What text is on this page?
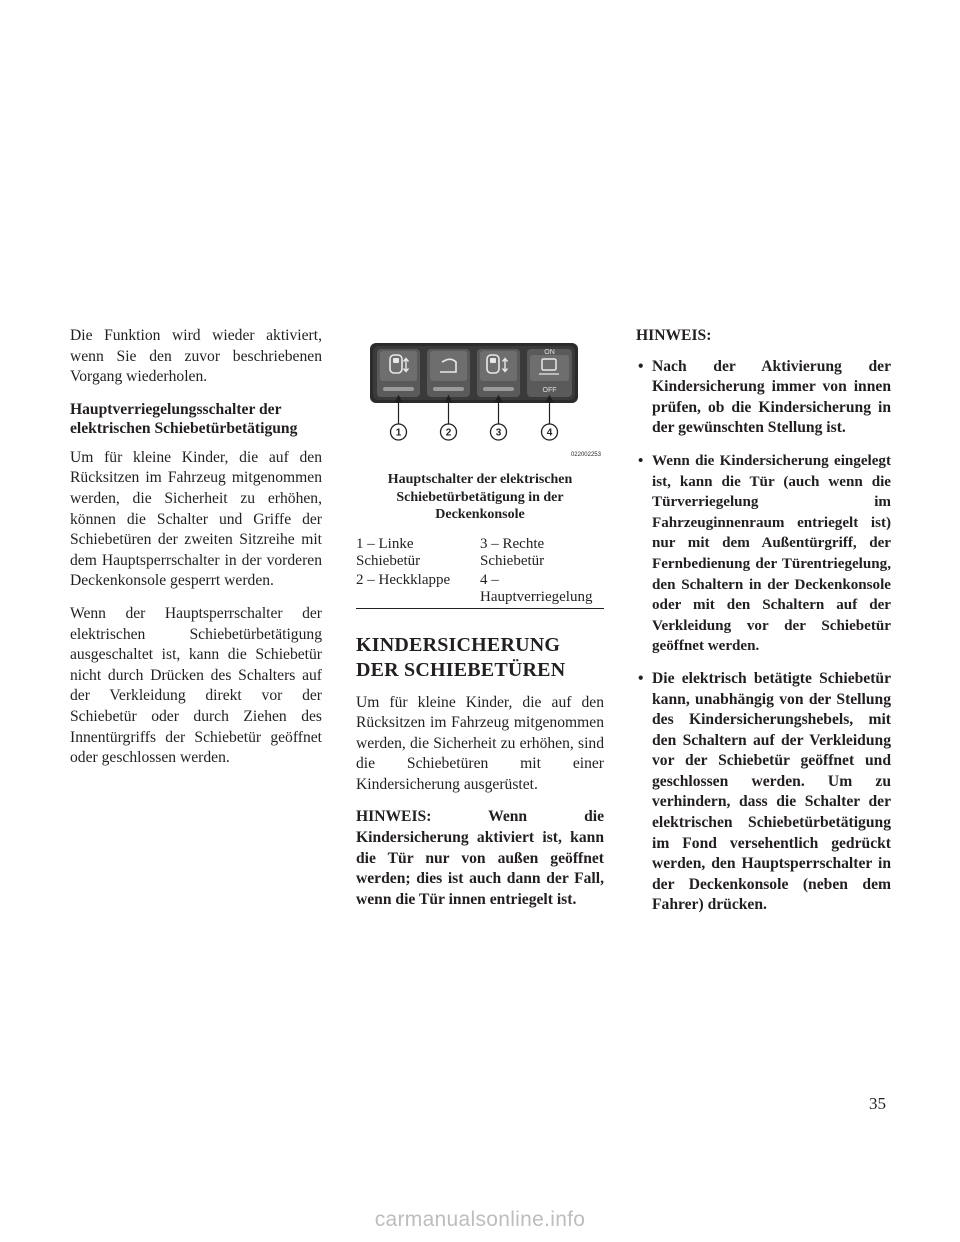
Die Funktion wird wieder aktiviert, wenn Sie den zuvor beschriebenen Vorgang wiederholen.

Hauptverriegelungsschalter der elektrischen Schiebetürbetätigung

Um für kleine Kinder, die auf den Rücksitzen im Fahrzeug mitgenommen werden, die Sicherheit zu erhöhen, können die Schalter und Griffe der Schiebetüren der zweiten Sitzreihe mit dem Hauptsperrschalter in der vorderen Deckenkonsole gesperrt werden.

Wenn der Hauptsperrschalter der elektrischen Schiebetürbetätigung ausgeschaltet ist, kann die Schiebetür nicht durch Drücken des Schalters auf der Verkleidung direkt vor der Schiebetür oder durch Ziehen des Innentürgriffs der Schiebetür geöffnet oder geschlossen werden.

ON
OFF
1	2	3	4
022002253
Hauptschalter der elektrischen Schiebetürbetätigung in der Deckenkonsole
1 – Linke Schiebetür	3 – Rechte Schiebetür
2 – Heckklappe	4 – Hauptverriegelung
KINDERSICHERUNG DER SCHIEBETÜREN

Um für kleine Kinder, die auf den Rücksitzen im Fahrzeug mitgenommen werden, die Sicherheit zu erhöhen, sind die Schiebetüren mit einer Kindersicherung ausgerüstet.

HINWEIS: Wenn die Kindersicherung aktiviert ist, kann die Tür nur von außen geöffnet werden; dies ist auch dann der Fall, wenn die Tür innen entriegelt ist.

HINWEIS:

• Nach der Aktivierung der Kindersicherung immer von innen prüfen, ob die Kindersicherung in der gewünschten Stellung ist.
• Wenn die Kindersicherung eingelegt ist, kann die Tür (auch wenn die Türverriegelung im Fahrzeuginnenraum entriegelt ist) nur mit dem Außentürgriff, der Fernbedienung der Türentriegelung, den Schaltern in der Deckenkonsole oder mit den Schaltern auf der Verkleidung vor der Schiebetür geöffnet werden.
• Die elektrisch betätigte Schiebetür kann, unabhängig von der Stellung des Kindersicherungshebels, mit den Schaltern auf der Verkleidung vor der Schiebetür geöffnet und geschlossen werden. Um zu verhindern, dass die Schalter der elektrischen Schiebetürbetätigung im Fond versehentlich gedrückt werden, den Hauptsperrschalter in der Deckenkonsole (neben dem Fahrer) drücken.
35
carmanualsonline.info
